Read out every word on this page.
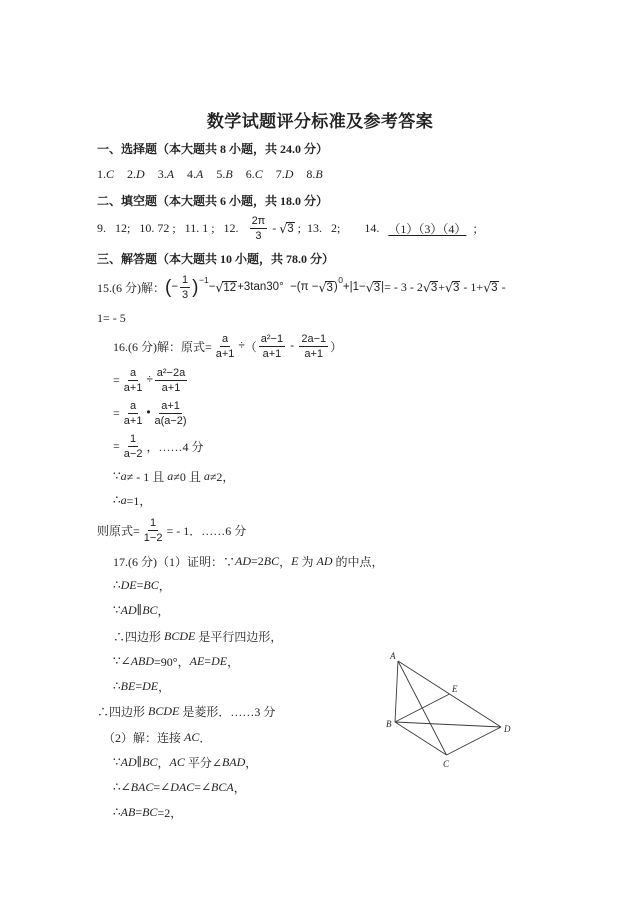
数学试题评分标准及参考答案
一、选择题（本大题共 8 小题，共 24.0 分）
1. C 2. D 3. A 4. A 5. B 6. C 7. D 8. B
二、填空题（本大题共 6 小题，共 18.0 分）
9.   12;   10. 72 ;   11. 1 ;   12. $\frac{2\pi}{3}$ - √ 3 ;  13.   2;        14. （1）（3）（4） ；
三、解答题（本大题共 10 小题，共 78.0 分）
15.(6 分)解： ( − $\frac{1}{3}$ ) −1
− √ 12 +3tan30°  −(π − √ 3 )
0
+|1− √ 3 | = - 3 - 2 √ 3 + √ 3 - 1+ √ 3 -
1= - 5
16.(6 分)解：原式= $\frac{a}{a+1}$ ÷ （ $\frac{\text{a²−1}}{a+1} - \frac{2a-1}{a+1}$ ）
= $\frac{a}{a+1} \div \frac{\text{a²−2a}}{a+1}$
= $\frac{a}{a+1}$ • $\frac{a+1}{a(a-2)}$
= $\frac{1}{a-2}$ ，……4 分
∵ a ≠ - 1 且 a ≠0 且 a ≠2，
∴ a =1，
则原式= $\frac{1}{1-2}$ = - 1．……6 分
17.(6 分)（1）证明：∵ AD =2 BC ， E 为 AD 的中点，
∴ DE = BC ，
∵ AD ∥ BC ，
∴四边形 BCDE 是平行四边形，
∵∠ ABD =90°， AE = DE ，
∴ BE = DE ，
∴四边形 BCDE 是菱形．……3 分
（2）解：连接 AC ．
∵ AD ∥ BC ， AC 平分∠ BAD ，
∴∠ BAC =∠ DAC =∠ BCA ，
∴ AB = BC =2，
A
E
B	D
C
